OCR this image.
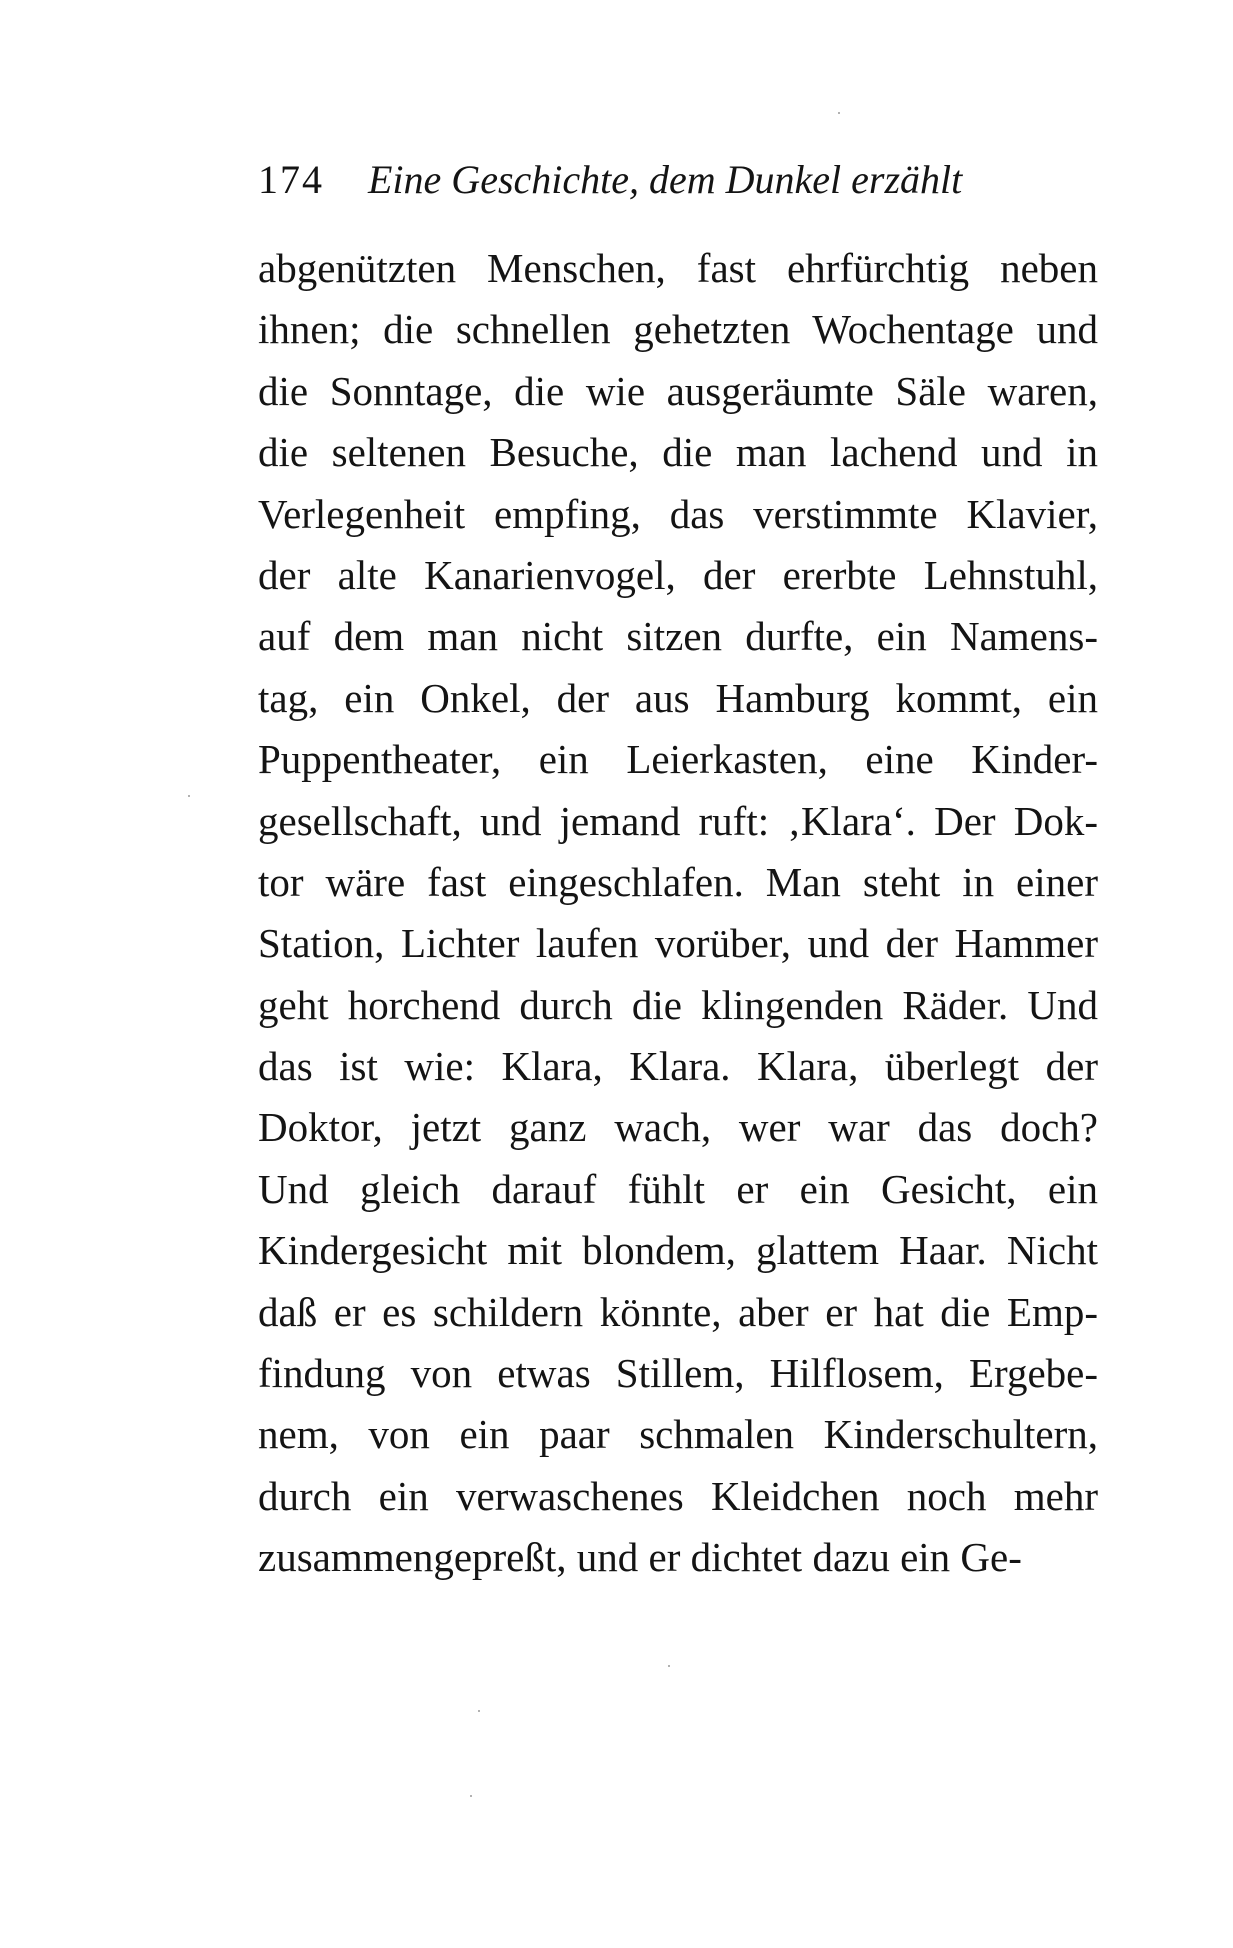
174 Eine Geschichte, dem Dunkel erzählt
abgenützten Menschen, fast ehrfürchtig neben
ihnen; die schnellen gehetzten Wochentage und
die Sonntage, die wie ausgeräumte Säle waren,
die seltenen Besuche, die man lachend und in
Verlegenheit empfing, das verstimmte Klavier,
der alte Kanarienvogel, der ererbte Lehnstuhl,
auf dem man nicht sitzen durfte, ein Namens-
tag, ein Onkel, der aus Hamburg kommt, ein
Puppentheater, ein Leierkasten, eine Kinder-
gesellschaft, und jemand ruft: ‚Klara‘. Der Dok-
tor wäre fast eingeschlafen. Man steht in einer
Station, Lichter laufen vorüber, und der Hammer
geht horchend durch die klingenden Räder. Und
das ist wie: Klara, Klara. Klara, überlegt der
Doktor, jetzt ganz wach, wer war das doch?
Und gleich darauf fühlt er ein Gesicht, ein
Kindergesicht mit blondem, glattem Haar. Nicht
daß er es schildern könnte, aber er hat die Emp-
findung von etwas Stillem, Hilflosem, Ergebe-
nem, von ein paar schmalen Kinderschultern,
durch ein verwaschenes Kleidchen noch mehr
zusammengepreßt, und er dichtet dazu ein Ge-
